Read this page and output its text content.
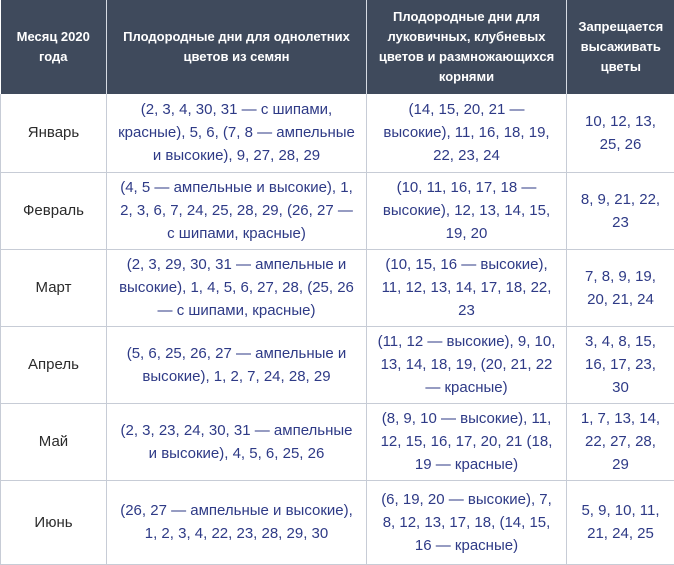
Месяц 2020 года	Плодородные дни для однолетних цветов из семян	Плодородные дни для луковичных, клубневых цветов и размножающихся корнями	Запрещается высаживать цветы
Январь	(2, 3, 4, 30, 31 — с шипами, красные), 5, 6, (7, 8 — ампельные и высокие), 9, 27, 28, 29	(14, 15, 20, 21 — высокие), 11, 16, 18, 19, 22, 23, 24	10, 12, 13, 25, 26
Февраль	(4, 5 — ампельные и высокие), 1, 2, 3, 6, 7, 24, 25, 28, 29, (26, 27 — с шипами, красные)	(10, 11, 16, 17, 18 — высокие), 12, 13, 14, 15, 19, 20	8, 9, 21, 22, 23
Март	(2, 3, 29, 30, 31 — ампельные и высокие), 1, 4, 5, 6, 27, 28, (25, 26 — с шипами, красные)	(10, 15, 16 — высокие), 11, 12, 13, 14, 17, 18, 22, 23	7, 8, 9, 19, 20, 21, 24
Апрель	(5, 6, 25, 26, 27 — ампельные и высокие), 1, 2, 7, 24, 28, 29	(11, 12 — высокие), 9, 10, 13, 14, 18, 19, (20, 21, 22 — красные)	3, 4, 8, 15, 16, 17, 23, 30
Май	(2, 3, 23, 24, 30, 31 — ампельные и высокие), 4, 5, 6, 25, 26	(8, 9, 10 — высокие), 11, 12, 15, 16, 17, 20, 21 (18, 19 — красные)	1, 7, 13, 14, 22, 27, 28, 29
Июнь	(26, 27 — ампельные и высокие), 1, 2, 3, 4, 22, 23, 28, 29, 30	(6, 19, 20 — высокие), 7, 8, 12, 13, 17, 18, (14, 15, 16 — красные)	5, 9, 10, 11, 21, 24, 25
